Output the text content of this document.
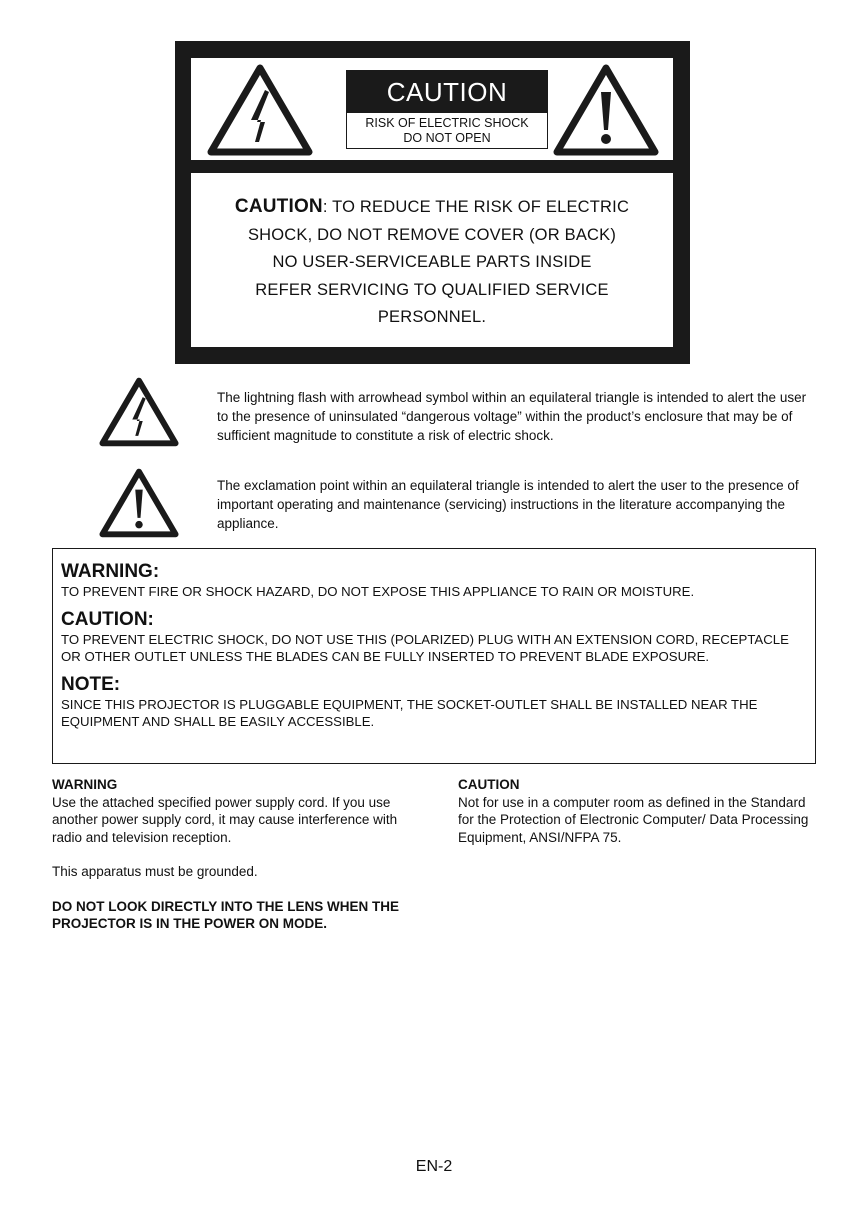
CAUTION
RISK OF ELECTRIC SHOCK
DO NOT OPEN
CAUTION: TO REDUCE THE RISK OF ELECTRIC
SHOCK, DO NOT REMOVE COVER (OR BACK)
NO USER-SERVICEABLE PARTS INSIDE
REFER SERVICING TO QUALIFIED SERVICE
PERSONNEL.
The lightning flash with arrowhead symbol within an equilateral triangle is intended to alert the user to the presence of uninsulated “dangerous voltage” within the product’s enclosure that may be of sufficient magnitude to constitute a risk of electric shock.
The exclamation point within an equilateral triangle is intended to alert the user to the presence of important operating and maintenance (servicing) instructions in the literature accompanying the appliance.

WARNING:

TO PREVENT FIRE OR SHOCK HAZARD, DO NOT EXPOSE THIS APPLIANCE TO RAIN OR MOISTURE.

CAUTION:

TO PREVENT ELECTRIC SHOCK, DO NOT USE THIS (POLARIZED) PLUG WITH AN EXTENSION CORD, RECEPTACLE OR OTHER OUTLET UNLESS THE BLADES CAN BE FULLY INSERTED TO PREVENT BLADE EXPOSURE.

NOTE:

SINCE THIS PROJECTOR IS PLUGGABLE EQUIPMENT, THE SOCKET-OUTLET SHALL BE INSTALLED NEAR THE EQUIPMENT AND SHALL BE EASILY ACCESSIBLE.

WARNING

Use the attached specified power supply cord. If you use another power supply cord, it may cause interference with radio and television reception.

This apparatus must be grounded.

DO NOT LOOK DIRECTLY INTO THE LENS WHEN THE PROJECTOR IS IN THE POWER ON MODE.

CAUTION

Not for use in a computer room as defined in the Standard for the Protection of Electronic Computer/ Data Processing Equipment, ANSI/NFPA 75.

EN-2
